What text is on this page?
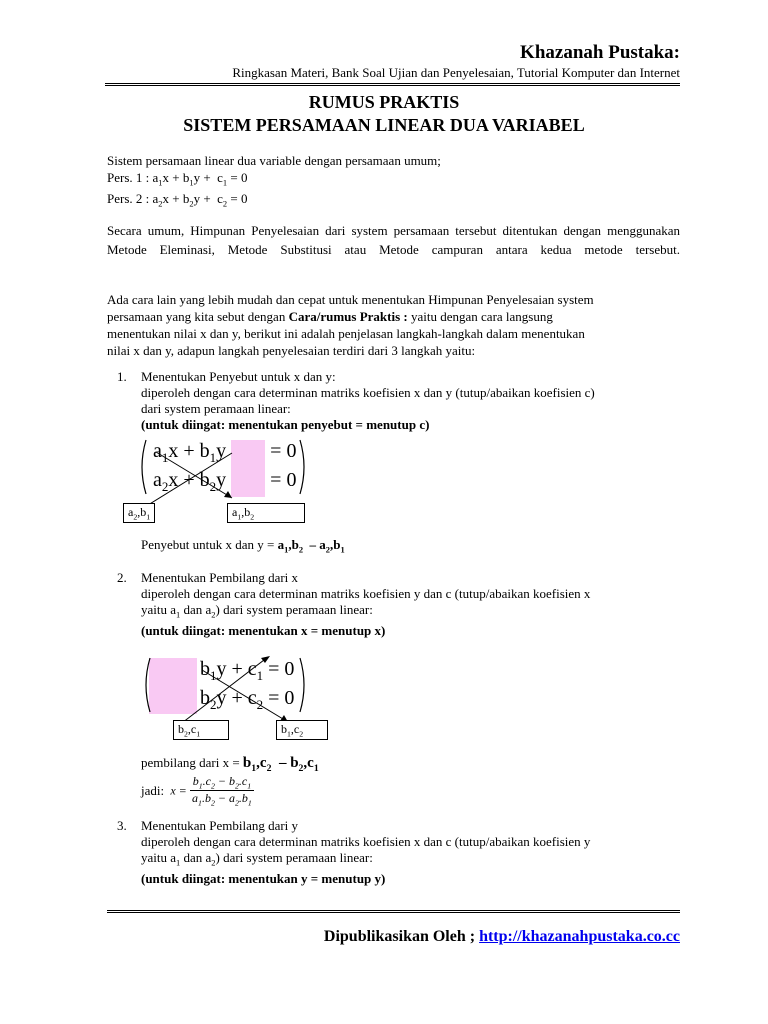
Khazanah Pustaka:
Ringkasan Materi, Bank Soal Ujian dan Penyelesaian, Tutorial Komputer dan Internet
RUMUS PRAKTIS
SISTEM PERSAMAAN LINEAR DUA VARIABEL
Sistem persamaan linear dua variable dengan persamaan umum;
Pers. 1 : $a_1x + b_1y + c_1 = 0$
Pers. 2 : $a_2x + b_2y + c_2 = 0$
Secara umum, Himpunan Penyelesaian dari system persamaan tersebut ditentukan dengan menggunakan Metode Eleminasi, Metode Substitusi atau Metode campuran antara kedua metode tersebut.
Ada cara lain yang lebih mudah dan cepat untuk menentukan Himpunan Penyelesaian system
persamaan yang kita sebut dengan Cara/rumus Praktis : yaitu dengan cara langsung
menentukan nilai x dan y, berikut ini adalah penjelasan langkah-langkah dalam menentukan
nilai x dan y, adapun langkah penyelesaian terdiri dari 3 langkah yaitu:
1. Menentukan Penyebut untuk x dan y:
diperoleh dengan cara determinan matriks koefisien x dan y (tutup/abaikan koefisien c)
dari system peramaan linear:
(untuk diingat: menentukan penyebut = menutup c)
$a_1x + b_1y = 0$
$a_2x + b_2y = 0$
$a_2,b_1$	$a_1,b_2$
Penyebut untuk x dan $y = a_1,b_2 - a_2,b_1$
2. Menentukan Pembilang dari x
diperoleh dengan cara determinan matriks koefisien y dan c (tutup/abaikan koefisien x
yaitu $a_1$ dan $a_2$) dari system peramaan linear:
(untuk diingat: menentukan x = menutup x)
$b_1y + c_1 = 0$
$b_2y + c_2 = 0$
$b_2,c_1$	$b_1,c_2$
pembilang dari $x = b_1,c_2 - b_2,c_1$
jadi:  $x = \frac{b_1.c_2 - b_2.c_1}{a_1.b_2 - a_2.b_1}$
3. Menentukan Pembilang dari y
diperoleh dengan cara determinan matriks koefisien x dan c (tutup/abaikan koefisien y
yaitu $a_1$ dan $a_2$) dari system peramaan linear:
(untuk diingat: menentukan y = menutup y)
Dipublikasikan Oleh ; http://khazanahpustaka.co.cc
